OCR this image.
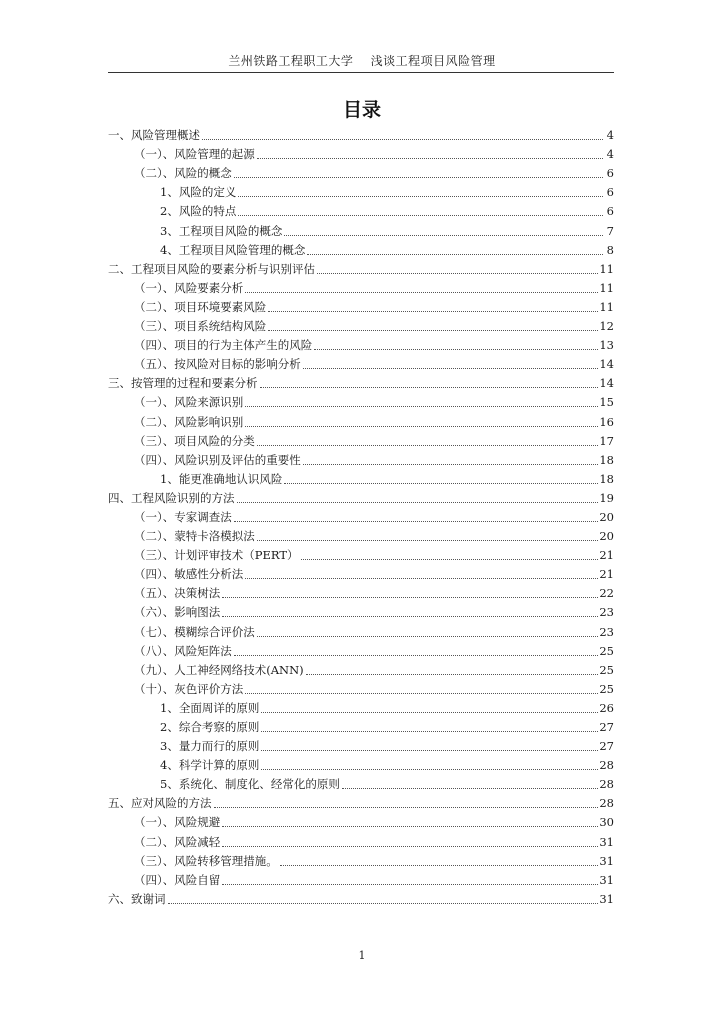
兰州铁路工程职工大学    浅谈工程项目风险管理
目录
一、风险管理概述	4
（一）、风险管理的起源	4
（二）、风险的概念	6
1、风险的定义	6
2、风险的特点	6
3、工程项目风险的概念	7
4、工程项目风险管理的概念	8
二、工程项目风险的要素分析与识别评估	11
（一）、风险要素分析	11
（二）、项目环境要素风险	11
（三）、项目系统结构风险	12
（四）、项目的行为主体产生的风险	13
（五）、按风险对目标的影响分析	14
三、按管理的过程和要素分析	14
（一）、风险来源识别	15
（二）、风险影响识别	16
（三）、项目风险的分类	17
（四）、风险识别及评估的重要性	18
1、能更准确地认识风险	18
四、工程风险识别的方法	19
（一）、专家调查法	20
（二）、蒙特卡洛模拟法	20
（三）、计划评审技术（PERT）	21
（四）、敏感性分析法	21
（五）、决策树法	22
（六）、影响图法	23
（七）、模糊综合评价法	23
（八）、风险矩阵法	25
（九）、人工神经网络技术(ANN)	25
（十）、灰色评价方法	25
1、全面周详的原则	26
2、综合考察的原则	27
3、量力而行的原则	27
4、科学计算的原则	28
5、系统化、制度化、经常化的原则	28
五、应对风险的方法	28
（一）、风险规避	30
（二）、风险减轻	31
（三）、风险转移管理措施。	31
（四）、风险自留	31
六、致谢词	31
1
